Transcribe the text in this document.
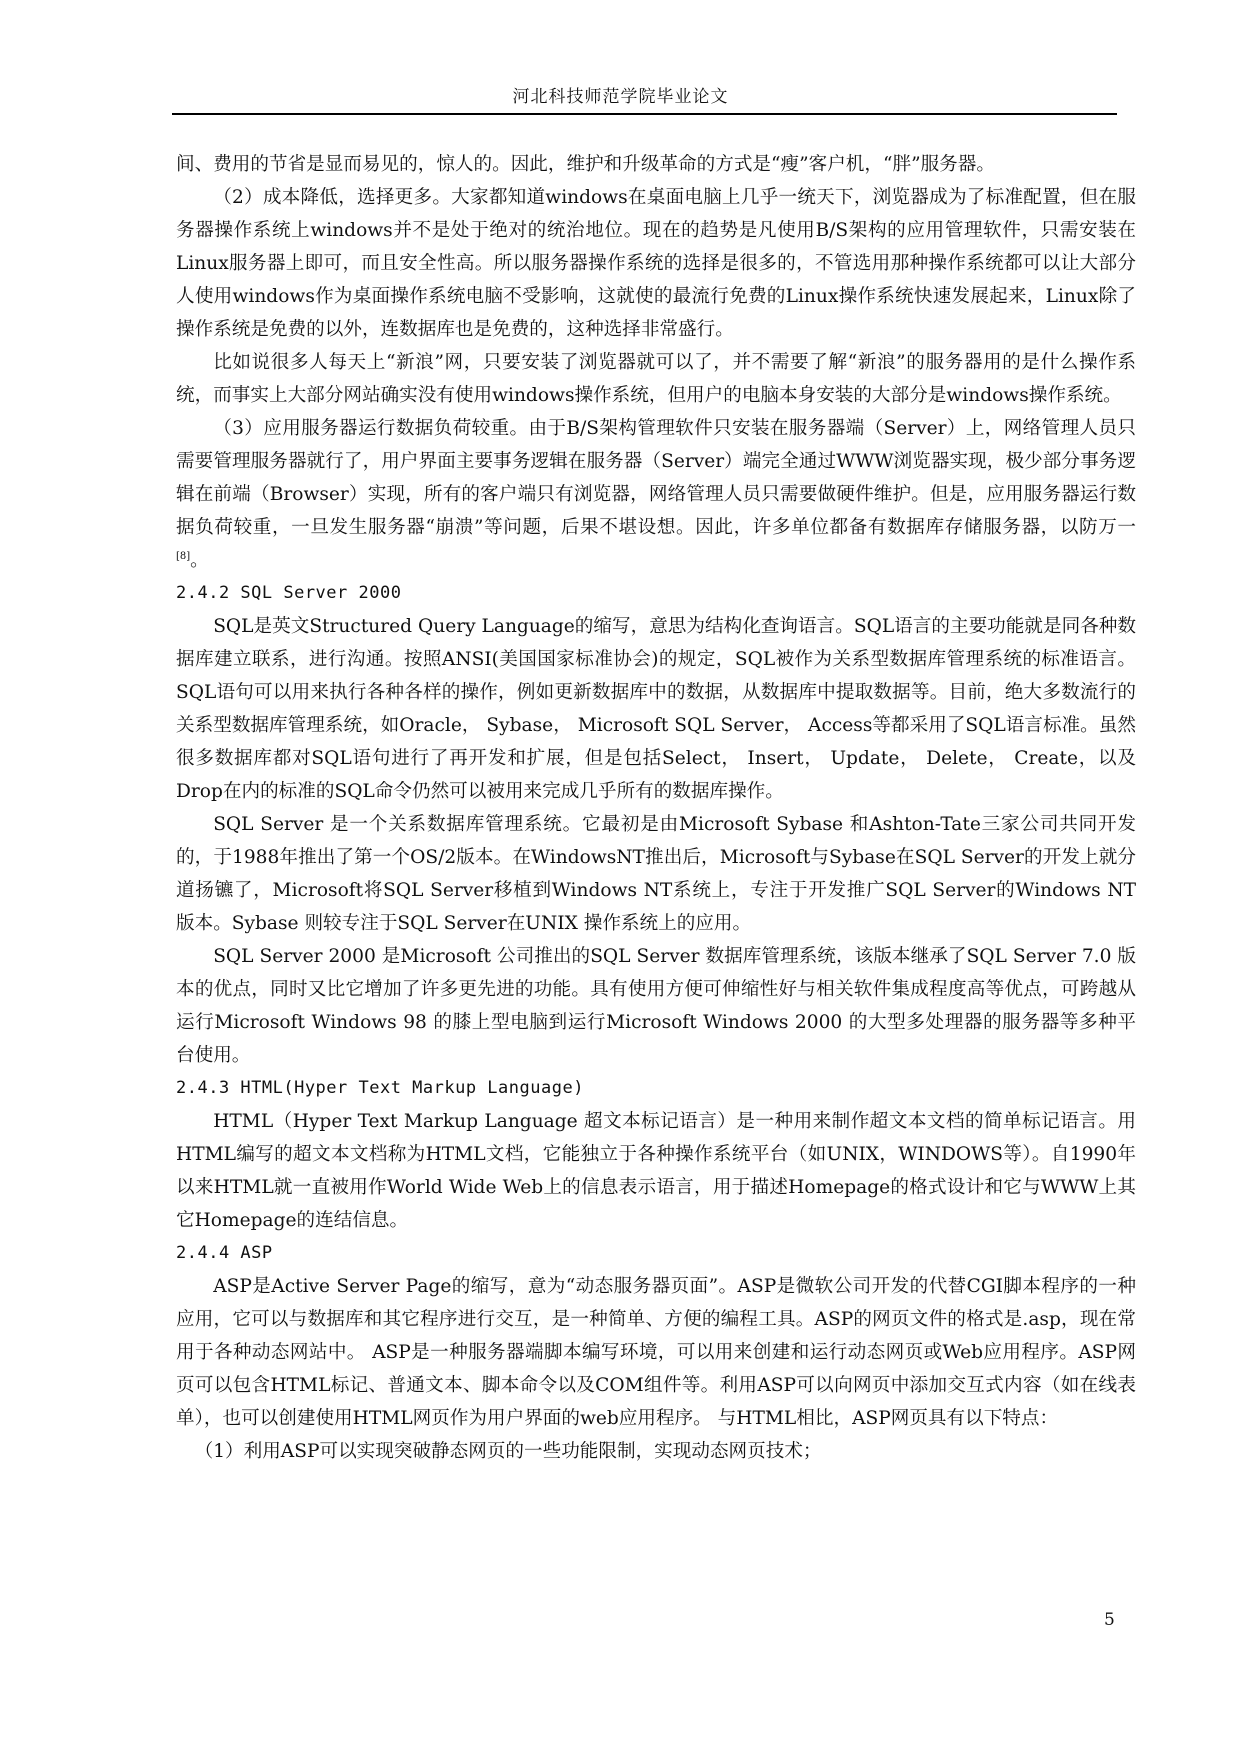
河北科技师范学院毕业论文

间、费用的节省是显而易见的，惊人的。因此，维护和升级革命的方式是“瘦”客户机，“胖”服务器。

（2）成本降低，选择更多。大家都知道windows在桌面电脑上几乎一统天下，浏览器成为了标准配置，但在服务器操作系统上windows并不是处于绝对的统治地位。现在的趋势是凡使用B/S架构的应用管理软件，只需安装在Linux服务器上即可，而且安全性高。所以服务器操作系统的选择是很多的，不管选用那种操作系统都可以让大部分人使用windows作为桌面操作系统电脑不受影响，这就使的最流行免费的Linux操作系统快速发展起来，Linux除了操作系统是免费的以外，连数据库也是免费的，这种选择非常盛行。

比如说很多人每天上“新浪”网，只要安装了浏览器就可以了，并不需要了解“新浪”的服务器用的是什么操作系统，而事实上大部分网站确实没有使用windows操作系统，但用户的电脑本身安装的大部分是windows操作系统。

（3）应用服务器运行数据负荷较重。由于B/S架构管理软件只安装在服务器端（Server）上，网络管理人员只需要管理服务器就行了，用户界面主要事务逻辑在服务器（Server）端完全通过WWW浏览器实现，极少部分事务逻辑在前端（Browser）实现，所有的客户端只有浏览器，网络管理人员只需要做硬件维护。但是，应用服务器运行数据负荷较重，一旦发生服务器“崩溃”等问题，后果不堪设想。因此，许多单位都备有数据库存储服务器，以防万一[8]。

2.4.2 SQL Server 2000

SQL是英文Structured Query Language的缩写，意思为结构化查询语言。SQL语言的主要功能就是同各种数据库建立联系，进行沟通。按照ANSI(美国国家标准协会)的规定，SQL被作为关系型数据库管理系统的标准语言。SQL语句可以用来执行各种各样的操作，例如更新数据库中的数据，从数据库中提取数据等。目前，绝大多数流行的关系型数据库管理系统，如Oracle， Sybase， Microsoft SQL Server， Access等都采用了SQL语言标准。虽然很多数据库都对SQL语句进行了再开发和扩展，但是包括Select， Insert， Update， Delete， Create，以及Drop在内的标准的SQL命令仍然可以被用来完成几乎所有的数据库操作。

SQL Server 是一个关系数据库管理系统。它最初是由Microsoft Sybase 和Ashton-Tate三家公司共同开发的，于1988年推出了第一个OS/2版本。在WindowsNT推出后，Microsoft与Sybase在SQL Server的开发上就分道扬镳了，Microsoft将SQL Server移植到Windows NT系统上，专注于开发推广SQL Server的Windows NT 版本。Sybase 则较专注于SQL Server在UNIX 操作系统上的应用。

SQL Server 2000 是Microsoft 公司推出的SQL Server 数据库管理系统，该版本继承了SQL Server 7.0 版本的优点，同时又比它增加了许多更先进的功能。具有使用方便可伸缩性好与相关软件集成程度高等优点，可跨越从运行Microsoft Windows 98 的膝上型电脑到运行Microsoft Windows 2000 的大型多处理器的服务器等多种平台使用。

2.4.3 HTML(Hyper Text Markup Language)

HTML（Hyper Text Markup Language 超文本标记语言）是一种用来制作超文本文档的简单标记语言。用HTML编写的超文本文档称为HTML文档，它能独立于各种操作系统平台（如UNIX，WINDOWS等）。自1990年以来HTML就一直被用作World Wide Web上的信息表示语言，用于描述Homepage的格式设计和它与WWW上其它Homepage的连结信息。

2.4.4 ASP

ASP是Active Server Page的缩写，意为“动态服务器页面”。ASP是微软公司开发的代替CGI脚本程序的一种应用，它可以与数据库和其它程序进行交互，是一种简单、方便的编程工具。ASP的网页文件的格式是.asp，现在常用于各种动态网站中。 ASP是一种服务器端脚本编写环境，可以用来创建和运行动态网页或Web应用程序。ASP网页可以包含HTML标记、普通文本、脚本命令以及COM组件等。利用ASP可以向网页中添加交互式内容（如在线表单），也可以创建使用HTML网页作为用户界面的web应用程序。 与HTML相比，ASP网页具有以下特点：

（1）利用ASP可以实现突破静态网页的一些功能限制，实现动态网页技术；

5
